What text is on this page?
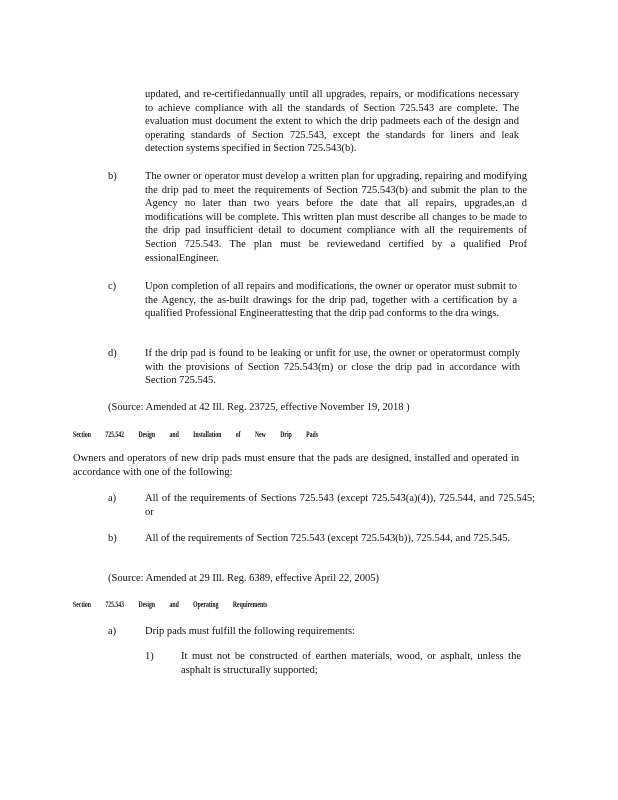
updated, and re-certifiedannually until all upgrades, repairs, or modifications necessary to achieve compliance with all the standards of Section 725.543 are complete. The evaluation must document the extent to which the drip padmeets each of the design and operating standards of Section 725.543, except the standards for liners and leak detection systems specified in Section 725.543(b).
b)	The owner or operator must develop a written plan for upgrading, repairing and modifying the drip pad to meet the requirements of Section 725.543(b) and submit the plan to the Agency no later than two years before the date that all repairs, upgrades,an d modifications will be complete. This written plan must describe all changes to be made to the drip pad insufficient detail to document compliance with all the requirements of Section 725.543. The plan must be reviewedand certified by a qualified Prof essionalEngineer.
c)	Upon completion of all repairs and modifications, the owner or operator must submit to the Agency, the as-built drawings for the drip pad, together with a certification by a qualified Professional Engineerattesting that the drip pad conforms to the dra wings.
d)	If the drip pad is found to be leaking or unfit for use, the owner or operatormust comply with the provisions of Section 725.543(m) or close the drip pad in accordance with Section 725.545.
(Source: Amended at 42 Ill. Reg. 23725, effective November 19, 2018 )
Section 725.542 Design and Installation of New Drip Pads
Owners and operators of new drip pads must ensure that the pads are designed, installed and operated in accordance with one of the following:
a)	All of the requirements of Sections 725.543 (except 725.543(a)(4)), 725.544, and 725.545; or
b)	All of the requirements of Section 725.543 (except 725.543(b)), 725.544, and 725.545.
(Source: Amended at 29 Ill. Reg. 6389, effective April 22, 2005)
Section 725.543 Design and Operating Requirements
a)	Drip pads must fulfill the following requirements:
1)	It must not be constructed of earthen materials, wood, or asphalt, unless the asphalt is structurally supported;
